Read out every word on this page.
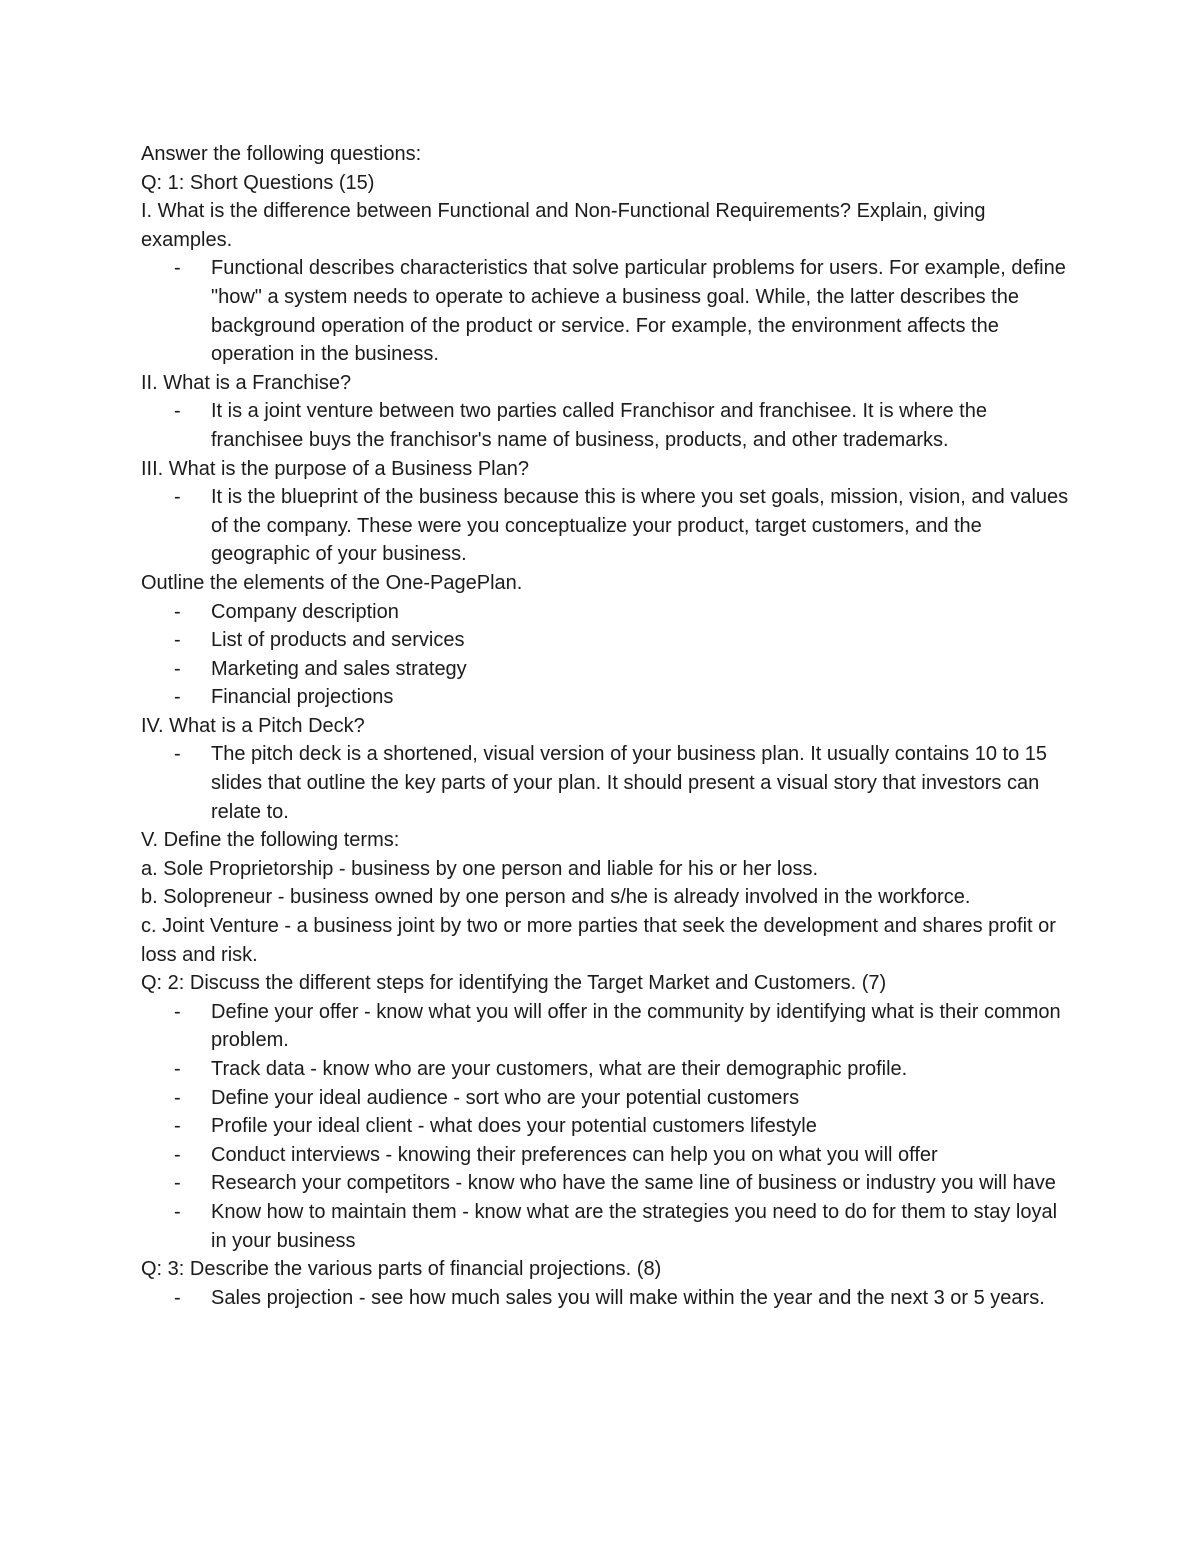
Answer the following questions:

Q: 1: Short Questions (15)

I. What is the difference between Functional and Non-Functional Requirements? Explain, giving examples.

- Functional describes characteristics that solve particular problems for users. For example, define "how" a system needs to operate to achieve a business goal. While, the latter describes the background operation of the product or service. For example, the environment affects the operation in the business.

II. What is a Franchise?

- It is a joint venture between two parties called Franchisor and franchisee. It is where the franchisee buys the franchisor's name of business, products, and other trademarks.

III. What is the purpose of a Business Plan?

- It is the blueprint of the business because this is where you set goals, mission, vision, and values of the company. These were you conceptualize your product, target customers, and the geographic of your business.

Outline the elements of the One-PagePlan.

- Company description
- List of products and services
- Marketing and sales strategy
- Financial projections

IV. What is a Pitch Deck?

- The pitch deck is a shortened, visual version of your business plan. It usually contains 10 to 15 slides that outline the key parts of your plan. It should present a visual story that investors can relate to.

V. Define the following terms:

a. Sole Proprietorship - business by one person and liable for his or her loss.

b. Solopreneur - business owned by one person and s/he is already involved in the workforce.

c. Joint Venture - a business joint by two or more parties that seek the development and shares profit or loss and risk.

Q: 2: Discuss the different steps for identifying the Target Market and Customers. (7)

- Define your offer - know what you will offer in the community by identifying what is their common problem.
- Track data - know who are your customers, what are their demographic profile.
- Define your ideal audience - sort who are your potential customers
- Profile your ideal client - what does your potential customers lifestyle
- Conduct interviews - knowing their preferences can help you on what you will offer
- Research your competitors - know who have the same line of business or industry you will have
- Know how to maintain them - know what are the strategies you need to do for them to stay loyal in your business

Q: 3: Describe the various parts of financial projections. (8)

- Sales projection - see how much sales you will make within the year and the next 3 or 5 years.
